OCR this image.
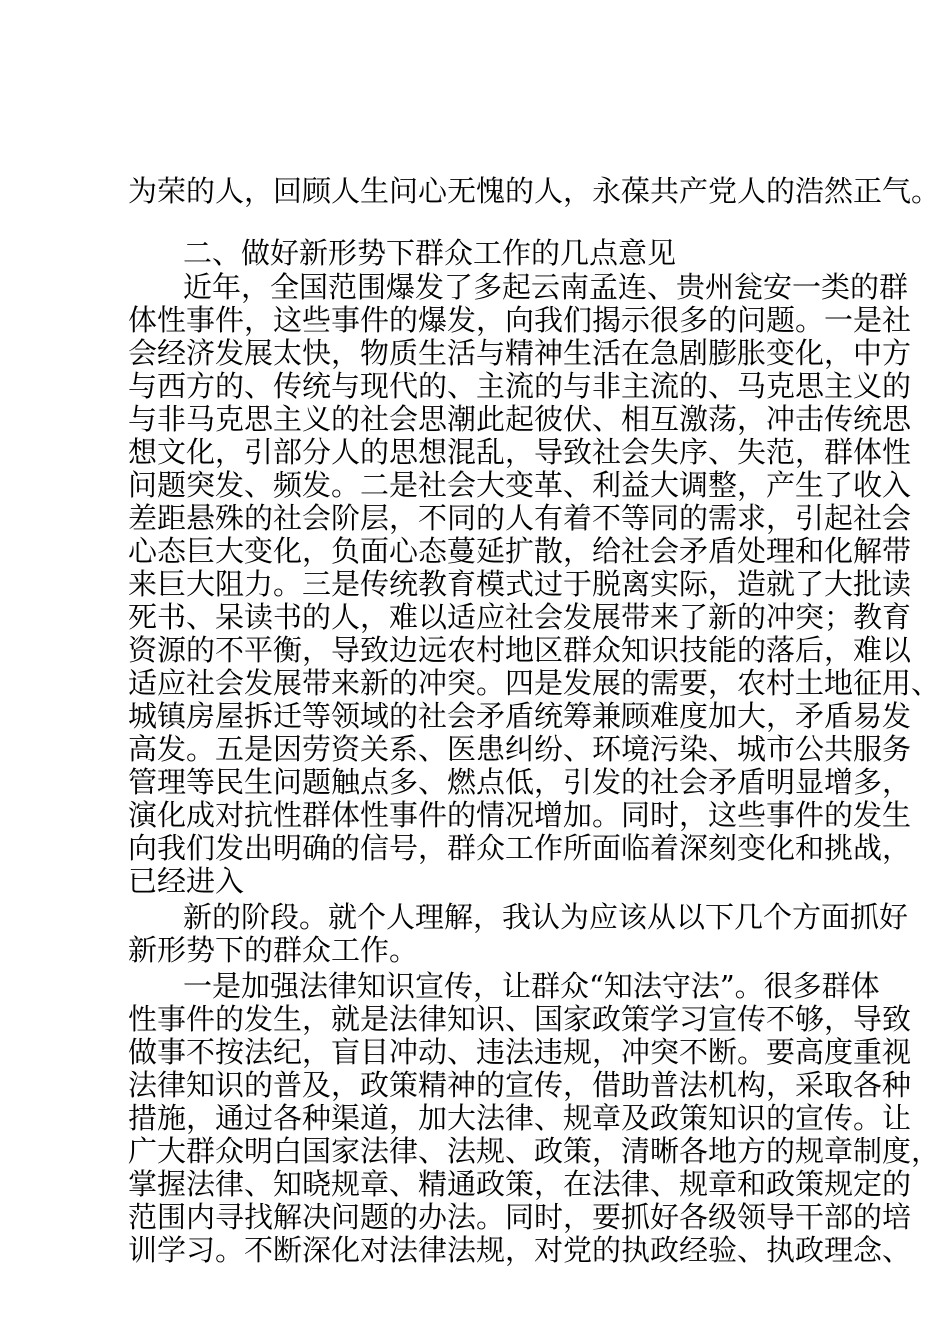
为荣的人，回顾人生问心无愧的人，永葆共产党人的浩然正气。
二、做好新形势下群众工作的几点意见
近年，全国范围爆发了多起云南孟连、贵州瓮安一类的群
体性事件，这些事件的爆发，向我们揭示很多的问题。一是社
会经济发展太快，物质生活与精神生活在急剧膨胀变化，中方
与西方的、传统与现代的、主流的与非主流的、马克思主义的
与非马克思主义的社会思潮此起彼伏、相互激荡，冲击传统思
想文化，引部分人的思想混乱，导致社会失序、失范，群体性
问题突发、频发。二是社会大变革、利益大调整，产生了收入
差距悬殊的社会阶层，不同的人有着不等同的需求，引起社会
心态巨大变化，负面心态蔓延扩散，给社会矛盾处理和化解带
来巨大阻力。三是传统教育模式过于脱离实际，造就了大批读
死书、呆读书的人，难以适应社会发展带来了新的冲突；教育
资源的不平衡，导致边远农村地区群众知识技能的落后，难以
适应社会发展带来新的冲突。四是发展的需要，农村土地征用、
城镇房屋拆迁等领域的社会矛盾统筹兼顾难度加大，矛盾易发
高发。五是因劳资关系、医患纠纷、环境污染、城市公共服务
管理等民生问题触点多、燃点低，引发的社会矛盾明显增多，
演化成对抗性群体性事件的情况增加。同时，这些事件的发生
向我们发出明确的信号，群众工作所面临着深刻变化和挑战，
已经进入
新的阶段。就个人理解，我认为应该从以下几个方面抓好
新形势下的群众工作。
一是加强法律知识宣传，让群众“知法守法”。很多群体
性事件的发生，就是法律知识、国家政策学习宣传不够，导致
做事不按法纪，盲目冲动、违法违规，冲突不断。要高度重视
法律知识的普及，政策精神的宣传，借助普法机构，采取各种
措施，通过各种渠道，加大法律、规章及政策知识的宣传。让
广大群众明白国家法律、法规、政策，清晰各地方的规章制度，
掌握法律、知晓规章、精通政策，在法律、规章和政策规定的
范围内寻找解决问题的办法。同时，要抓好各级领导干部的培
训学习。不断深化对法律法规，对党的执政经验、执政理念、
